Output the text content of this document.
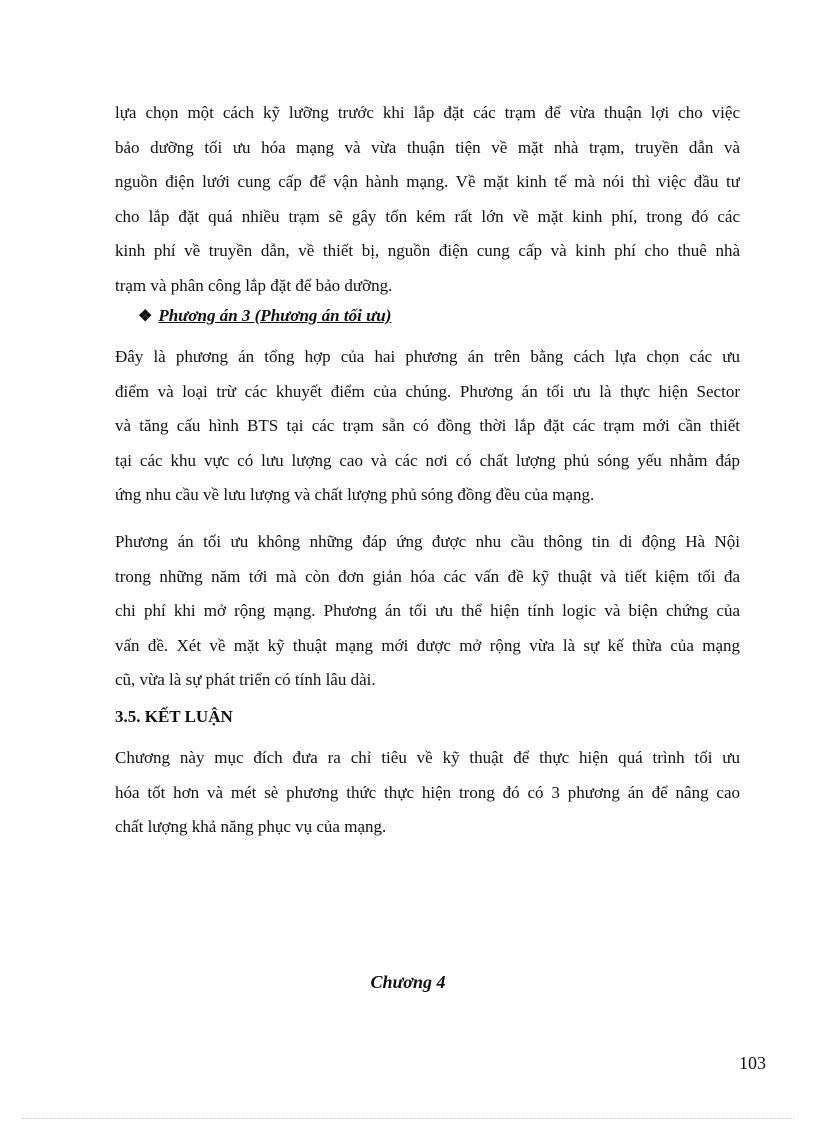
lựa chọn một cách kỹ lưỡng trước khi lắp đặt các trạm để vừa thuận lợi cho việc
bảo dưỡng tối ưu hóa mạng và vừa thuận tiện về mặt nhà trạm, truyền dẫn và
nguồn điện lưới cung cấp để vận hành mạng. Về mặt kinh tế mà nói thì việc đầu tư
cho lắp đặt quá nhiều trạm sẽ gây tốn kém rất lớn về mặt kinh phí, trong đó các
kinh phí về truyền dẫn, về thiết bị, nguồn điện cung cấp và kinh phí cho thuê nhà
trạm và phân công lắp đặt để bảo dưỡng.
❖ Phương án 3 (Phương án tối ưu)
Đây là phương án tổng hợp của hai phương án trên bằng cách lựa chọn các ưu
điểm và loại trừ các khuyết điểm của chúng. Phương án tối ưu là thực hiện Sector
và tăng cấu hình BTS tại các trạm sẵn có đồng thời lắp đặt các trạm mới cần thiết
tại các khu vực có lưu lượng cao và các nơi có chất lượng phủ sóng yếu nhằm đáp
ứng nhu cầu về lưu lượng và chất lượng phủ sóng đồng đều của mạng.
Phương án tối ưu không những đáp ứng được nhu cầu thông tin di động Hà Nội
trong những năm tới mà còn đơn giản hóa các vấn đề kỹ thuật và tiết kiệm tối đa
chi phí khi mở rộng mạng. Phương án tối ưu thể hiện tính logic và biện chứng của
vấn đề. Xét về mặt kỹ thuật mạng mới được mở rộng vừa là sự kế thừa của mạng
cũ, vừa là sự phát triển có tính lâu dài.
3.5. KẾT LUẬN
Chương này mục đích đưa ra chỉ tiêu về kỹ thuật để thực hiện quá trình tối ưu
hóa tốt hơn và mét sè phương thức thực hiện trong đó có 3 phương án để nâng cao
chất lượng khả năng phục vụ của mạng.
Chương 4
103
